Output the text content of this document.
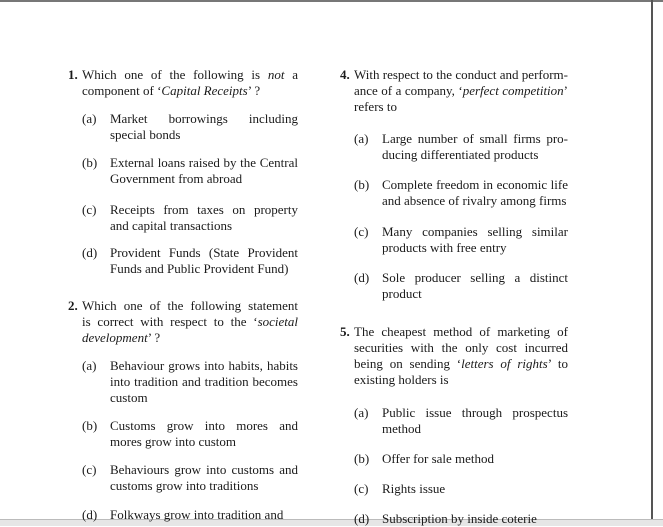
1. Which one of the following is not a
component of ‘Capital Receipts’ ?
(a) Market   borrowings   including
special bonds
(b) External loans raised by the Central
Government from abroad
(c) Receipts from taxes on property
and capital transactions
(d) Provident Funds (State Provident
Funds and Public Provident Fund)
2. Which one of the following statement
is correct with respect to the ‘societal
development’ ?
(a) Behaviour grows into habits, habits
into tradition and tradition becomes
custom
(b) Customs grow into mores and
mores grow into custom
(c) Behaviours grow into customs and
customs grow into traditions
(d) Folkways grow into tradition and
4. With respect to the conduct and perform-
ance of a company, ‘perfect competition’
refers to
(a) Large number of small firms pro-
ducing differentiated products
(b) Complete freedom in economic life
and absence of rivalry among firms
(c) Many companies selling similar
products with free entry
(d) Sole producer selling a distinct
product
5. The cheapest method of marketing of
securities with the only cost incurred
being on sending ‘letters of rights’ to
existing holders is
(a) Public issue through prospectus
method
(b) Offer for sale method
(c) Rights issue
(d) Subscription by inside coterie
